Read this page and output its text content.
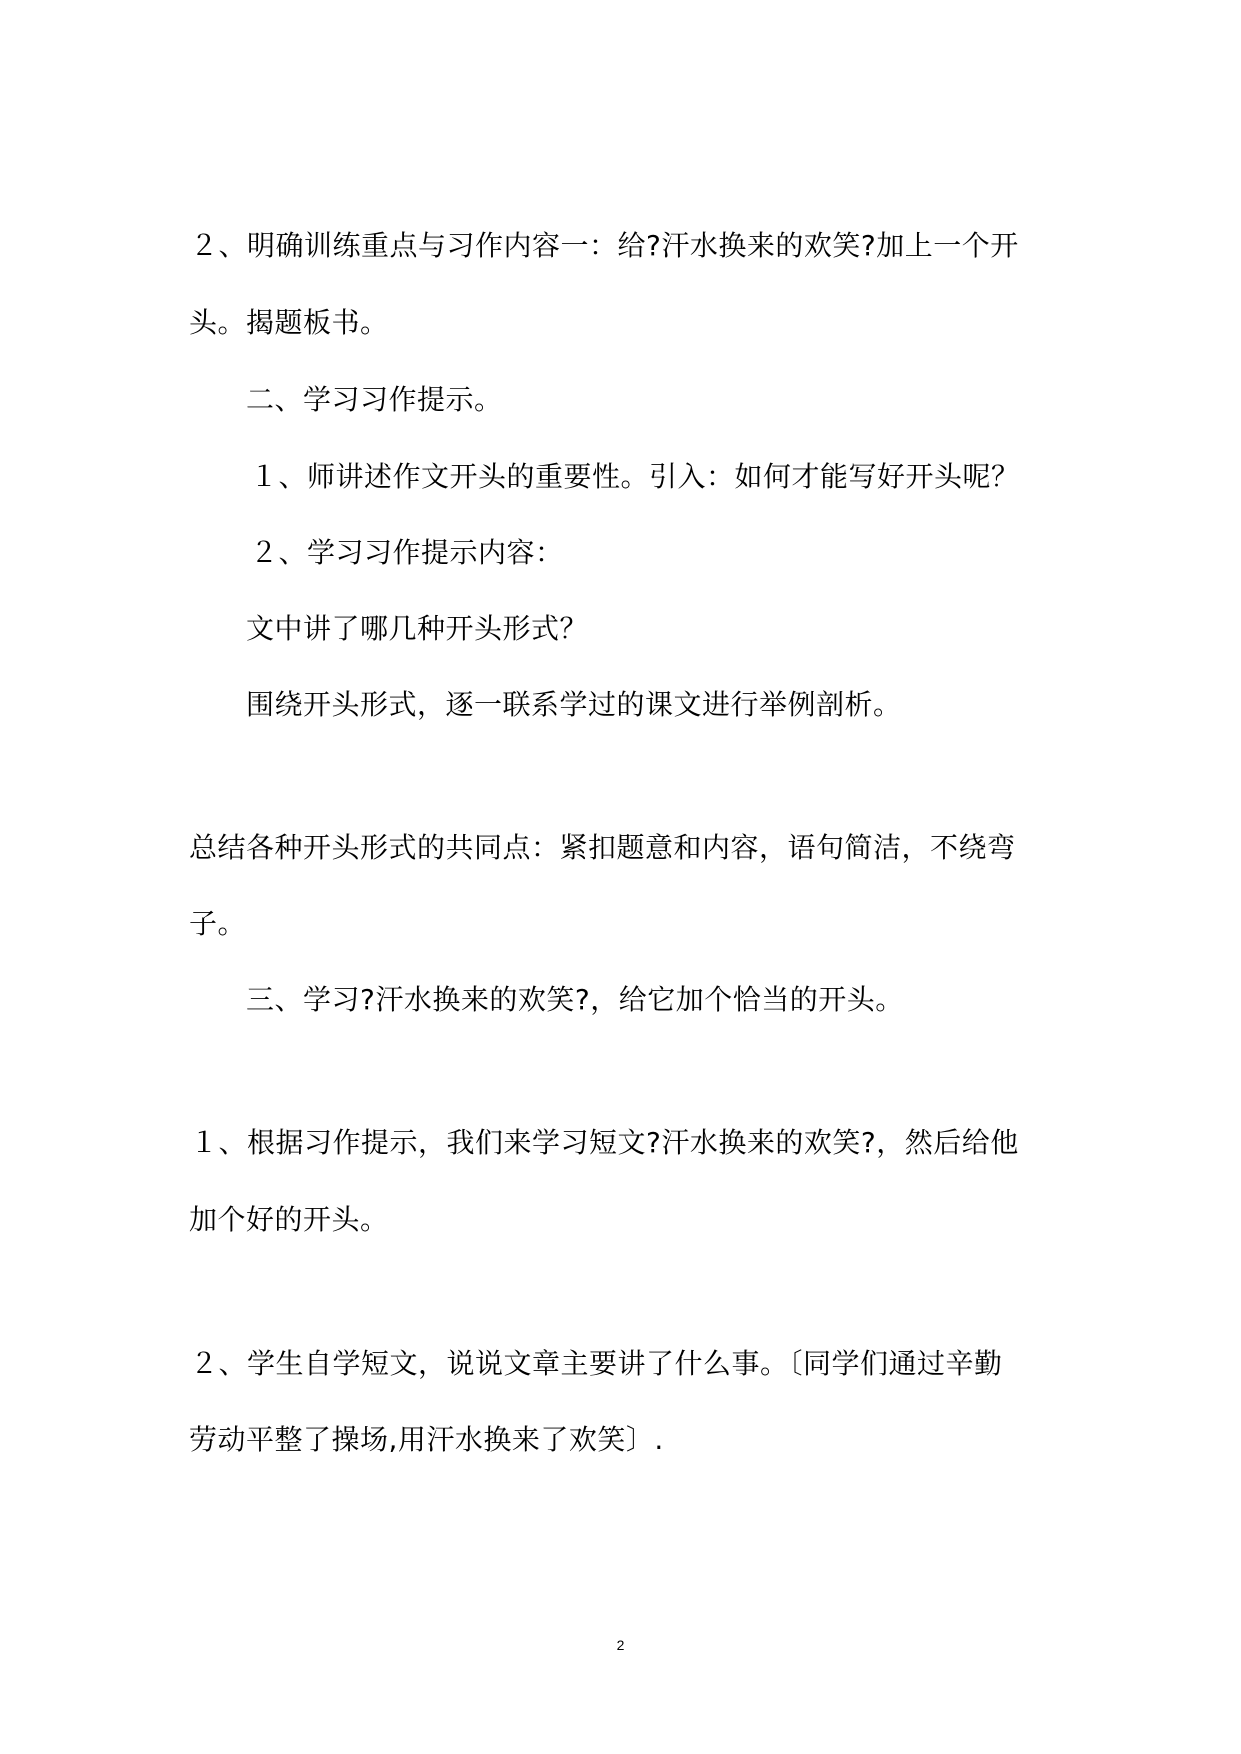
２、明确训练重点与习作内容一：给?汗水换来的欢笑?加上一个开
头。揭题板书。
二、学习习作提示。
１、师讲述作文开头的重要性。引入：如何才能写好开头呢？
２、学习习作提示内容：
文中讲了哪几种开头形式？
围绕开头形式，逐一联系学过的课文进行举例剖析。
总结各种开头形式的共同点：紧扣题意和内容，语句简洁，不绕弯
子。
三、学习?汗水换来的欢笑?，给它加个恰当的开头。
１、根据习作提示，我们来学习短文?汗水换来的欢笑?，然后给他
加个好的开头。
２、学生自学短文，说说文章主要讲了什么事。〔同学们通过辛勤
劳动平整了操场,用汗水换来了欢笑〕.
2
